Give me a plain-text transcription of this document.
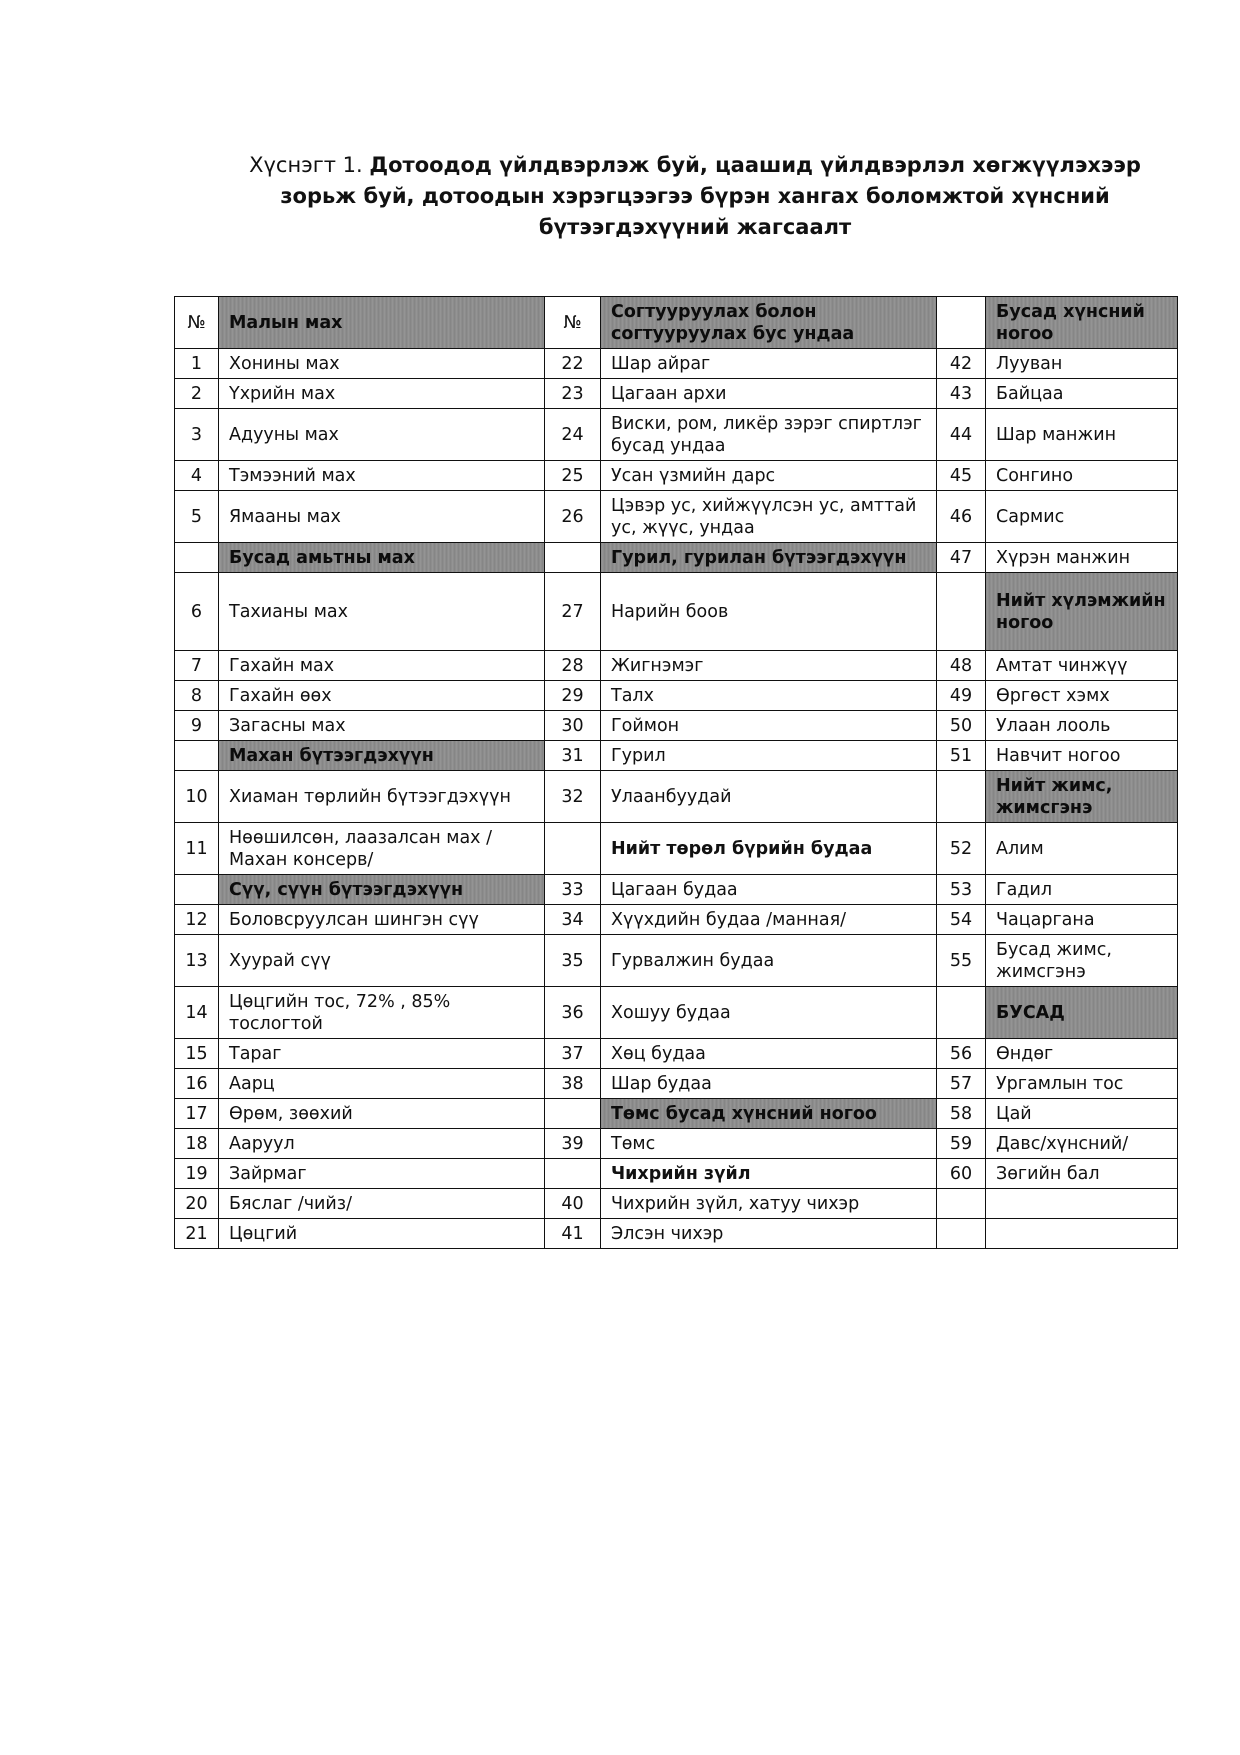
Хүснэгт 1. Дотоодод үйлдвэрлэж буй, цаашид үйлдвэрлэл хөгжүүлэхээр зорьж буй, дотоодын хэрэгцээгээ бүрэн хангах боломжтой хүнсний бүтээгдэхүүний жагсаалт
№	Малын мах	№	Согтууруулах болон согтууруулах бус ундаа		Бусад хүнсний ногоо
1	Хонины мах	22	Шар айраг	42	Лууван
2	Үхрийн мах	23	Цагаан архи	43	Байцаа
3	Адууны мах	24	Виски, ром, ликёр зэрэг спиртлэг бусад ундаа	44	Шар манжин
4	Тэмээний мах	25	Усан үзмийн дарс	45	Сонгино
5	Ямааны мах	26	Цэвэр ус, хийжүүлсэн ус, амттай ус, жүүс, ундаа	46	Сармис
	Бусад амьтны мах		Гурил, гурилан бүтээгдэхүүн	47	Хүрэн манжин
6	Тахианы мах	27	Нарийн боов		Нийт хүлэмжийн ногоо
7	Гахайн мах	28	Жигнэмэг	48	Амтат чинжүү
8	Гахайн өөх	29	Талх	49	Өргөст хэмх
9	Загасны мах	30	Гоймон	50	Улаан лооль
	Махан бүтээгдэхүүн	31	Гурил	51	Навчит ногоо
10	Хиаман төрлийн бүтээгдэхүүн	32	Улаанбуудай		Нийт жимс, жимсгэнэ
11	Нөөшилсөн, лаазалсан мах /Махан консерв/		Нийт төрөл бүрийн будаа	52	Алим
	Сүү, сүүн бүтээгдэхүүн	33	Цагаан будаа	53	Гадил
12	Боловсруулсан шингэн сүү	34	Хүүхдийн будаа /манная/	54	Чацаргана
13	Хуурай сүү	35	Гурвалжин будаа	55	Бусад жимс, жимсгэнэ
14	Цөцгийн тос, 72% , 85% тослогтой	36	Хошуу будаа		БУСАД
15	Тараг	37	Хөц будаа	56	Өндөг
16	Аарц	38	Шар будаа	57	Ургамлын тос
17	Өрөм, зөөхий		Төмс бусад хүнсний ногоо	58	Цай
18	Ааруул	39	Төмс	59	Давс/хүнсний/
19	Зайрмаг		Чихрийн зүйл	60	Зөгийн бал
20	Бяслаг /чийз/	40	Чихрийн зүйл, хатуу чихэр		
21	Цөцгий	41	Элсэн чихэр		
